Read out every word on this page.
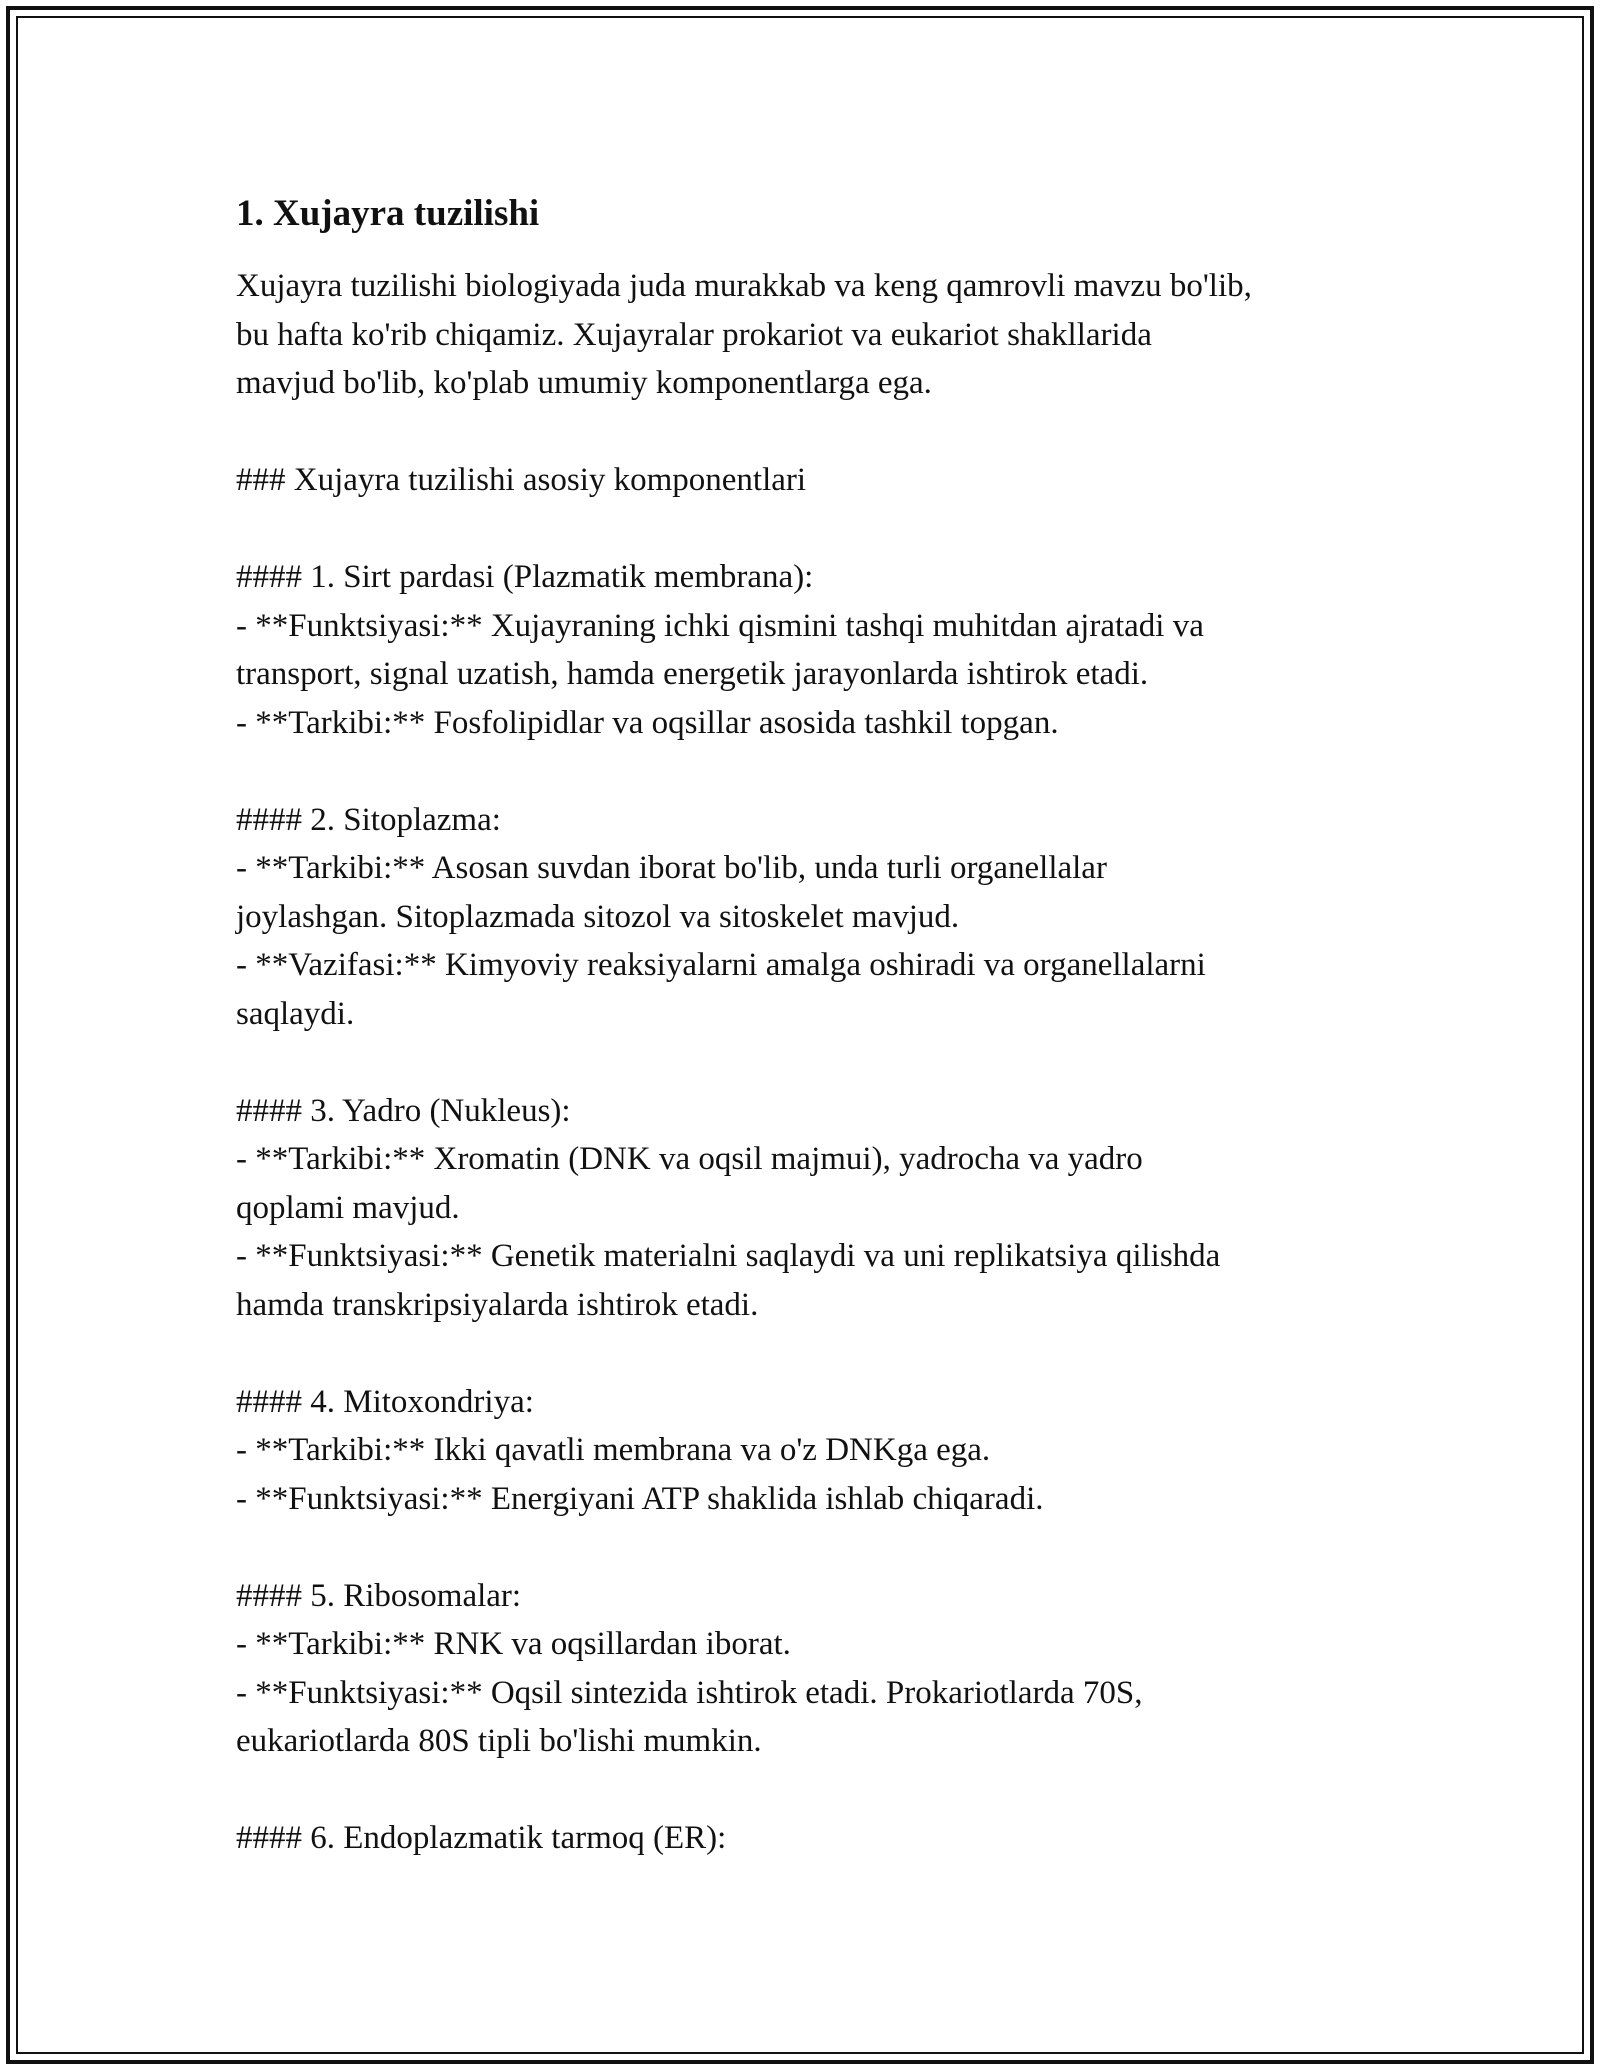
1. Xujayra tuzilishi

Xujayra tuzilishi biologiyada juda murakkab va keng qamrovli mavzu bo'lib,

bu hafta ko'rib chiqamiz. Xujayralar prokariot va eukariot shakllarida

mavjud bo'lib, ko'plab umumiy komponentlarga ega.

### Xujayra tuzilishi asosiy komponentlari

#### 1. Sirt pardasi (Plazmatik membrana):

- **Funktsiyasi:** Xujayraning ichki qismini tashqi muhitdan ajratadi va

transport, signal uzatish, hamda energetik jarayonlarda ishtirok etadi.

- **Tarkibi:** Fosfolipidlar va oqsillar asosida tashkil topgan.

#### 2. Sitoplazma:

- **Tarkibi:** Asosan suvdan iborat bo'lib, unda turli organellalar

joylashgan. Sitoplazmada sitozol va sitoskelet mavjud.

- **Vazifasi:** Kimyoviy reaksiyalarni amalga oshiradi va organellalarni

saqlaydi.

#### 3. Yadro (Nukleus):

- **Tarkibi:** Xromatin (DNK va oqsil majmui), yadrocha va yadro

qoplami mavjud.

- **Funktsiyasi:** Genetik materialni saqlaydi va uni replikatsiya qilishda

hamda transkripsiyalarda ishtirok etadi.

#### 4. Mitoxondriya:

- **Tarkibi:** Ikki qavatli membrana va o'z DNKga ega.

- **Funktsiyasi:** Energiyani ATP shaklida ishlab chiqaradi.

#### 5. Ribosomalar:

- **Tarkibi:** RNK va oqsillardan iborat.

- **Funktsiyasi:** Oqsil sintezida ishtirok etadi. Prokariotlarda 70S,

eukariotlarda 80S tipli bo'lishi mumkin.

#### 6. Endoplazmatik tarmoq (ER):
